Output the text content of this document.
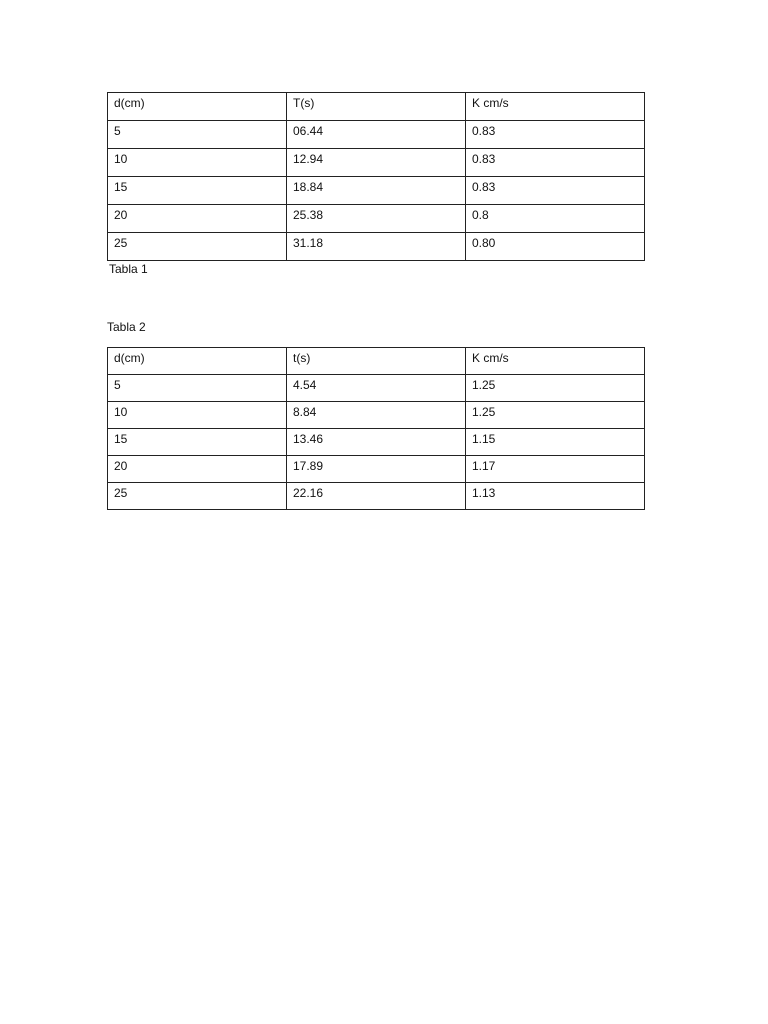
d(cm)	T(s)	K cm/s
5	06.44	0.83
10	12.94	0.83
15	18.84	0.83
20	25.38	0.8
25	31.18	0.80
Tabla 1
Tabla 2
d(cm)	t(s)	K cm/s
5	4.54	1.25
10	8.84	1.25
15	13.46	1.15
20	17.89	1.17
25	22.16	1.13
